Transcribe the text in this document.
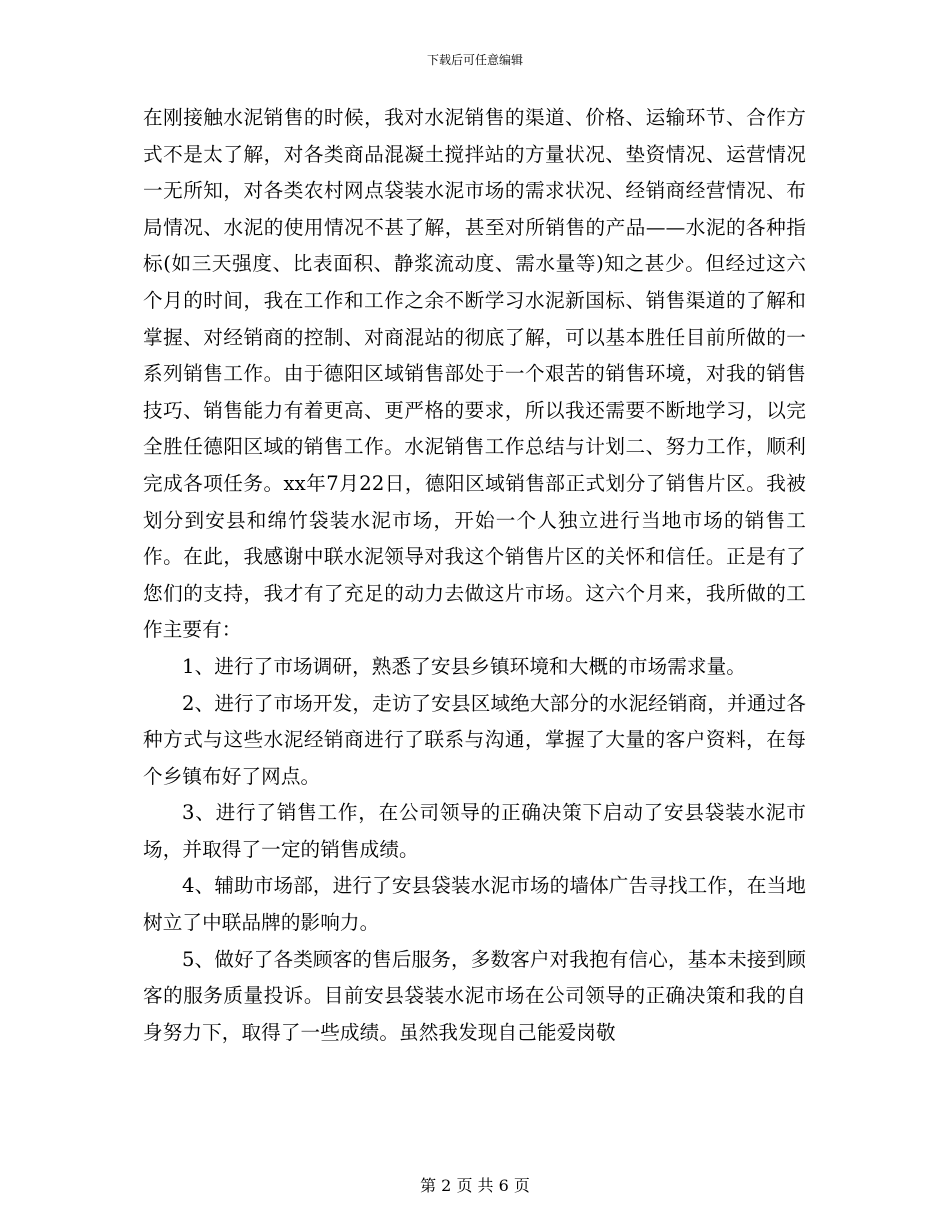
下载后可任意编辑

在刚接触水泥销售的时候，我对水泥销售的渠道、价格、运输环节、合作方式不是太了解，对各类商品混凝土搅拌站的方量状况、垫资情况、运营情况一无所知，对各类农村网点袋装水泥市场的需求状况、经销商经营情况、布局情况、水泥的使用情况不甚了解，甚至对所销售的产品——水泥的各种指标(如三天强度、比表面积、静浆流动度、需水量等)知之甚少。但经过这六个月的时间，我在工作和工作之余不断学习水泥新国标、销售渠道的了解和掌握、对经销商的控制、对商混站的彻底了解，可以基本胜任目前所做的一系列销售工作。由于德阳区域销售部处于一个艰苦的销售环境，对我的销售技巧、销售能力有着更高、更严格的要求，所以我还需要不断地学习，以完全胜任德阳区域的销售工作。水泥销售工作总结与计划二、努力工作，顺利完成各项任务。xx年7月22日，德阳区域销售部正式划分了销售片区。我被划分到安县和绵竹袋装水泥市场，开始一个人独立进行当地市场的销售工作。在此，我感谢中联水泥领导对我这个销售片区的关怀和信任。正是有了您们的支持，我才有了充足的动力去做这片市场。这六个月来，我所做的工作主要有：

1、进行了市场调研，熟悉了安县乡镇环境和大概的市场需求量。

2、进行了市场开发，走访了安县区域绝大部分的水泥经销商，并通过各种方式与这些水泥经销商进行了联系与沟通，掌握了大量的客户资料，在每个乡镇布好了网点。

3、进行了销售工作，在公司领导的正确决策下启动了安县袋装水泥市场，并取得了一定的销售成绩。

4、辅助市场部，进行了安县袋装水泥市场的墙体广告寻找工作，在当地树立了中联品牌的影响力。

5、做好了各类顾客的售后服务，多数客户对我抱有信心，基本未接到顾客的服务质量投诉。目前安县袋装水泥市场在公司领导的正确决策和我的自身努力下，取得了一些成绩。虽然我发现自己能爱岗敬

第 2 页 共 6 页
